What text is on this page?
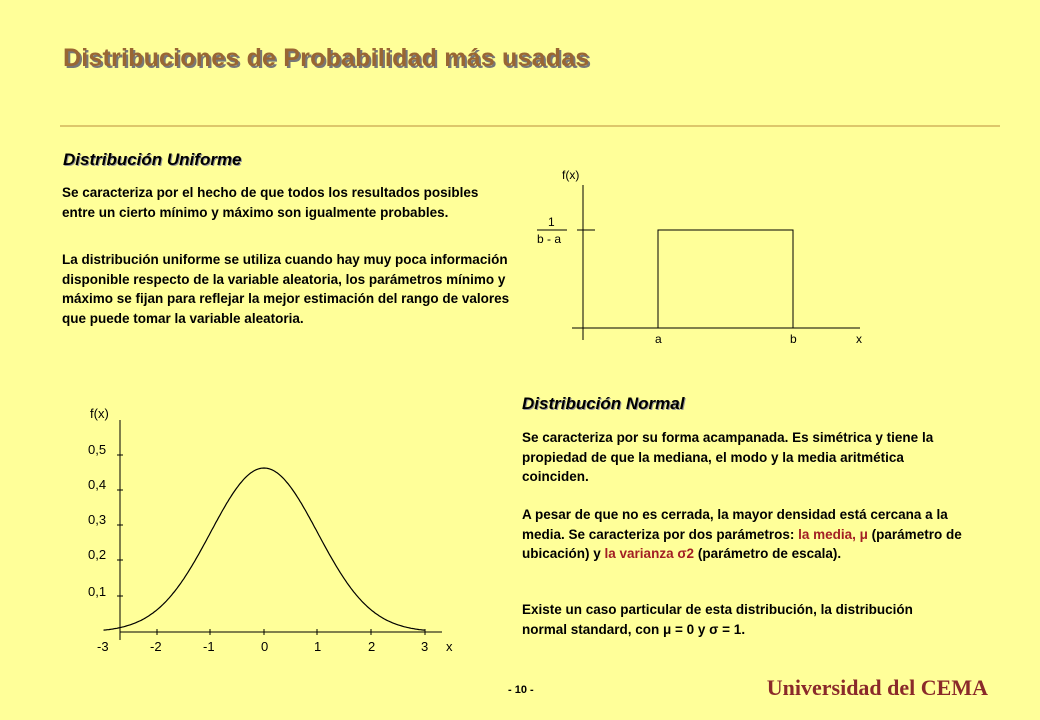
Distribuciones de Probabilidad más usadas
Distribución Uniforme

Se caracteriza por el hecho de que todos los resultados posibles entre un cierto mínimo y máximo son igualmente probables.

La distribución uniforme se utiliza cuando hay muy poca información disponible respecto de la variable aleatoria, los parámetros mínimo y máximo se fijan para reflejar la mejor estimación del rango de valores que puede tomar la variable aleatoria.

f(x)
1
b - a
a	b	x
f(x)
0,5
0,4
0,3
0,2
0,1
-3	-2	-1	0	1	2	3 x
Distribución Normal

Se caracteriza por su forma acampanada. Es simétrica y tiene la propiedad de que la mediana, el modo y la media aritmética coinciden.

A pesar de que no es cerrada, la mayor densidad está cercana a la media. Se caracteriza por dos parámetros: la media, μ (parámetro de ubicación) y la varianza σ2 (parámetro de escala).

Existe un caso particular de esta distribución, la distribución normal standard, con μ = 0 y σ = 1.

- 10 -	Universidad del CEMA
